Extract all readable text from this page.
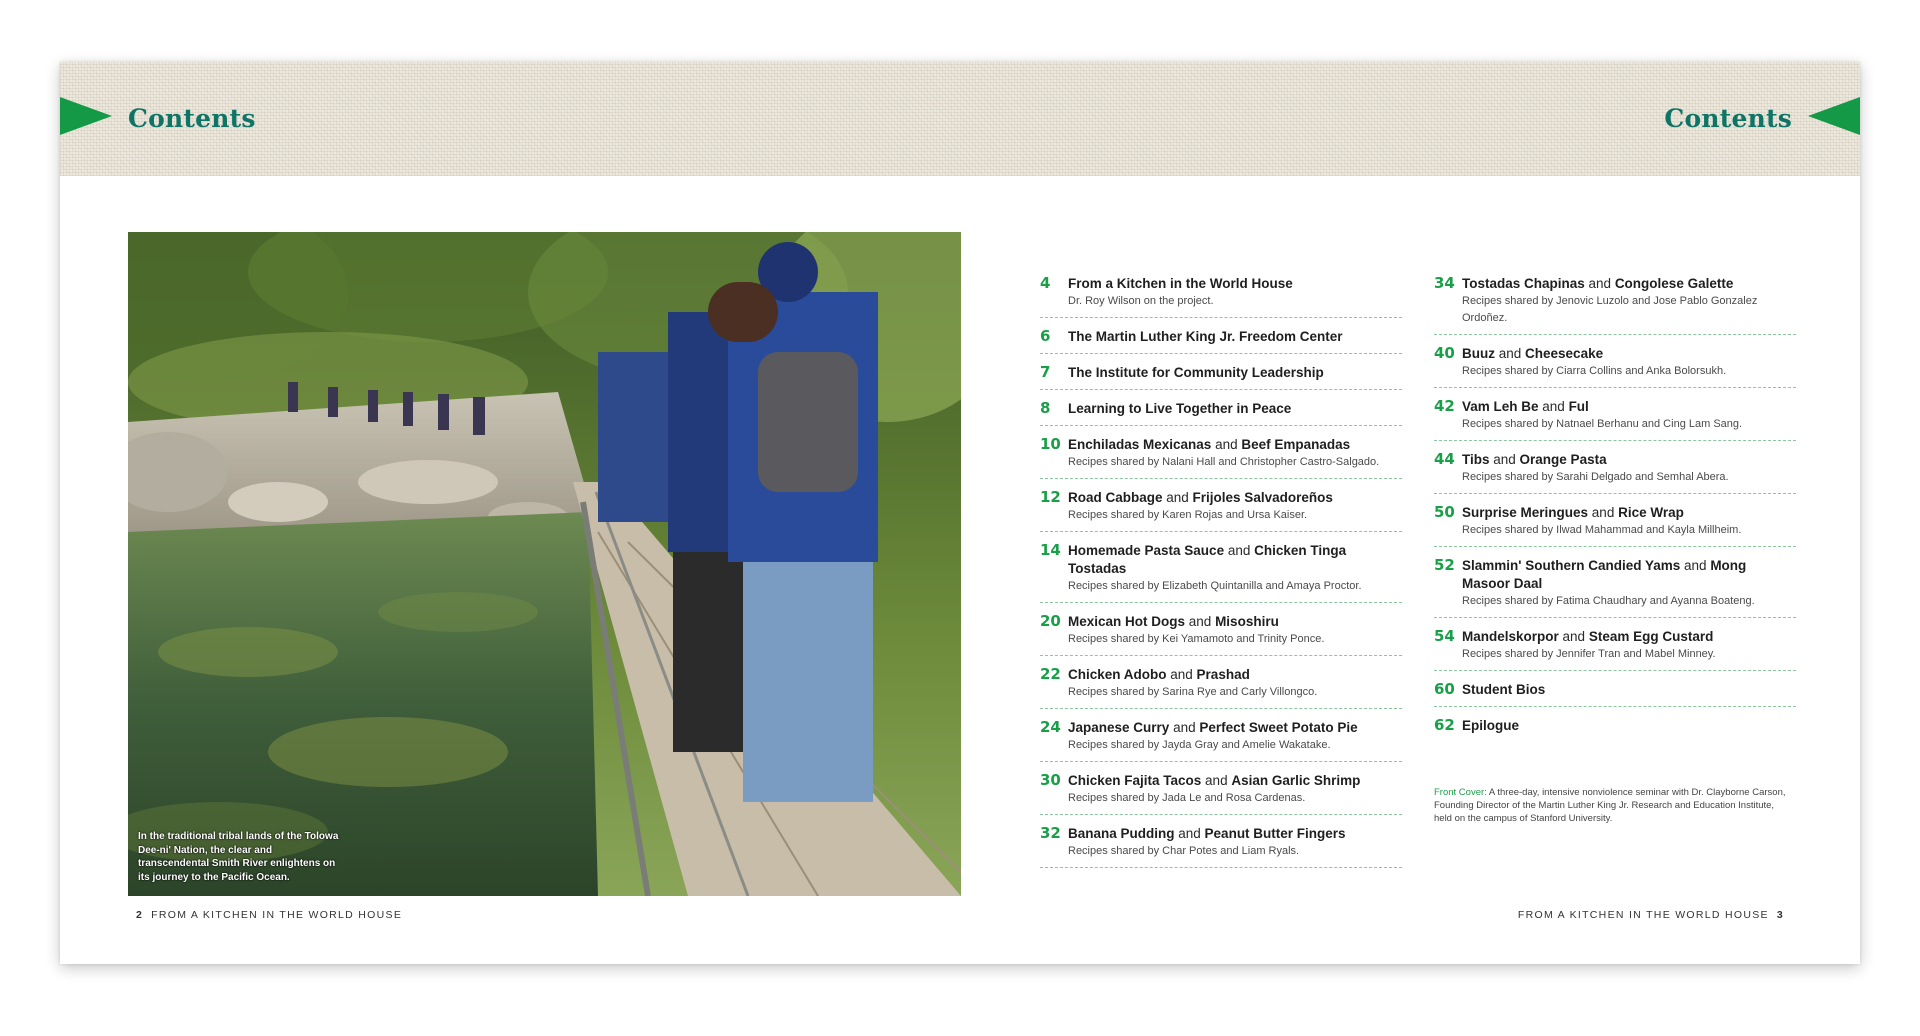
Contents	Contents
In the traditional tribal lands of the Tolowa Dee-ni' Nation, the clear and transcendental Smith River enlightens on its journey to the Pacific Ocean.
2 FROM A KITCHEN IN THE WORLD HOUSE	FROM A KITCHEN IN THE WORLD HOUSE 3
4 From a Kitchen in the World House
Dr. Roy Wilson on the project.
6 The Martin Luther King Jr. Freedom Center
7 The Institute for Community Leadership
8 Learning to Live Together in Peace
10 Enchiladas Mexicanas and Beef Empanadas
Recipes shared by Nalani Hall and Christopher Castro-Salgado.
12 Road Cabbage and Frijoles Salvadoreños
Recipes shared by Karen Rojas and Ursa Kaiser.
14 Homemade Pasta Sauce and Chicken Tinga Tostadas
Recipes shared by Elizabeth Quintanilla and Amaya Proctor.
20 Mexican Hot Dogs and Misoshiru
Recipes shared by Kei Yamamoto and Trinity Ponce.
22 Chicken Adobo and Prashad
Recipes shared by Sarina Rye and Carly Villongco.
24 Japanese Curry and Perfect Sweet Potato Pie
Recipes shared by Jayda Gray and Amelie Wakatake.
30 Chicken Fajita Tacos and Asian Garlic Shrimp
Recipes shared by Jada Le and Rosa Cardenas.
32 Banana Pudding and Peanut Butter Fingers
Recipes shared by Char Potes and Liam Ryals.
34 Tostadas Chapinas and Congolese Galette
Recipes shared by Jenovic Luzolo and Jose Pablo Gonzalez Ordoñez.
40 Buuz and Cheesecake
Recipes shared by Ciarra Collins and Anka Bolorsukh.
42 Vam Leh Be and Ful
Recipes shared by Natnael Berhanu and Cing Lam Sang.
44 Tibs and Orange Pasta
Recipes shared by Sarahi Delgado and Semhal Abera.
50 Surprise Meringues and Rice Wrap
Recipes shared by Ilwad Mahammad and Kayla Millheim.
52 Slammin' Southern Candied Yams and Mong Masoor Daal
Recipes shared by Fatima Chaudhary and Ayanna Boateng.
54 Mandelskorpor and Steam Egg Custard
Recipes shared by Jennifer Tran and Mabel Minney.
60 Student Bios
62 Epilogue
Front Cover: A three-day, intensive nonviolence seminar with Dr. Clayborne Carson, Founding Director of the Martin Luther King Jr. Research and Education Institute, held on the campus of Stanford University.
